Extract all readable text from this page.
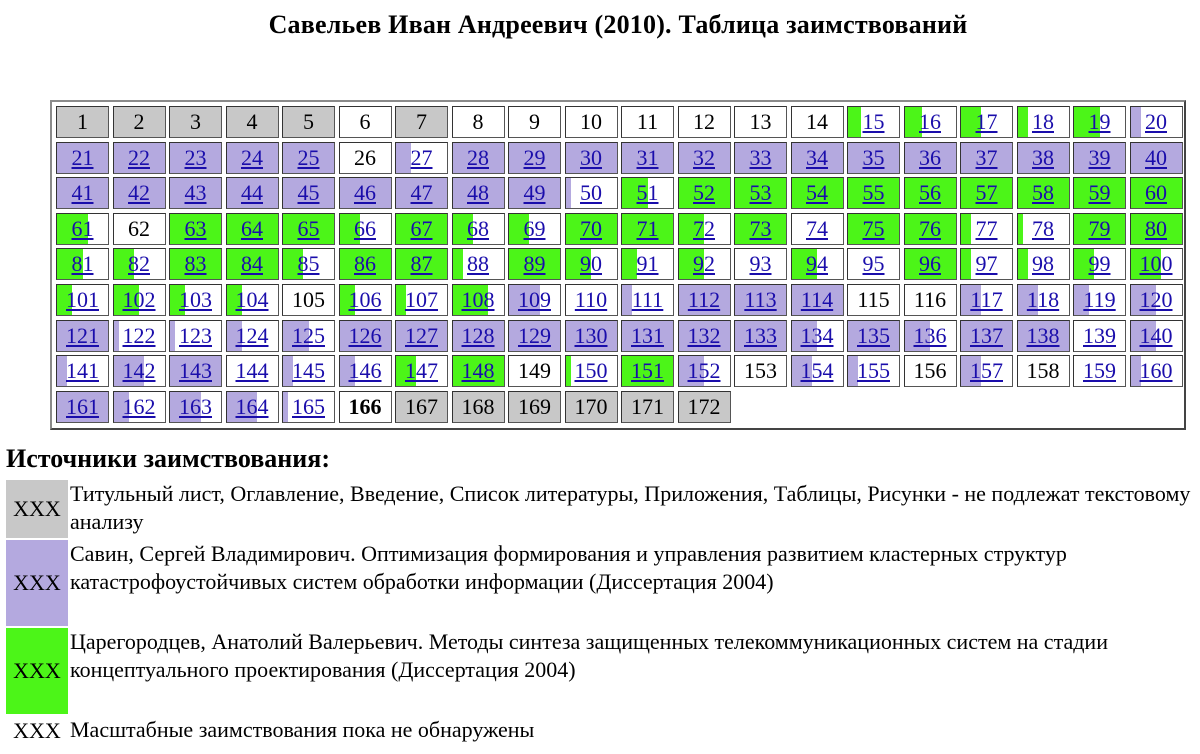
Савельев Иван Андреевич (2010). Таблица заимствований
1	2	3	4	5	6	7	8	9	10	11	12	13	14	15	16	17	18	19	20
21	22	23	24	25	26	27	28	29	30	31	32	33	34	35	36	37	38	39	40
41	42	43	44	45	46	47	48	49	50	51	52	53	54	55	56	57	58	59	60
61	62	63	64	65	66	67	68	69	70	71	72	73	74	75	76	77	78	79	80
81	82	83	84	85	86	87	88	89	90	91	92	93	94	95	96	97	98	99	100
101	102	103	104	105	106	107	108	109	110	111	112	113	114	115	116	117	118	119	120
121	122	123	124	125	126	127	128	129	130	131	132	133	134	135	136	137	138	139	140
141	142	143	144	145	146	147	148	149	150	151	152	153	154	155	156	157	158	159	160
161	162	163	164	165	166	167	168	169	170	171	172
Источники заимствования:
XXX
Титульный лист, Оглавление, Введение, Список литературы, Приложения, Таблицы, Рисунки - не подлежат текстовому анализу
XXX
Савин, Сергей Владимирович. Оптимизация формирования и управления развитием кластерных структур катастрофоустойчивых систем обработки информации (Диссертация 2004)
XXX
Царегородцев, Анатолий Валерьевич. Методы синтеза защищенных телекоммуникационных систем на стадии концептуального проектирования (Диссертация 2004)
XXX Масштабные заимствования пока не обнаружены
